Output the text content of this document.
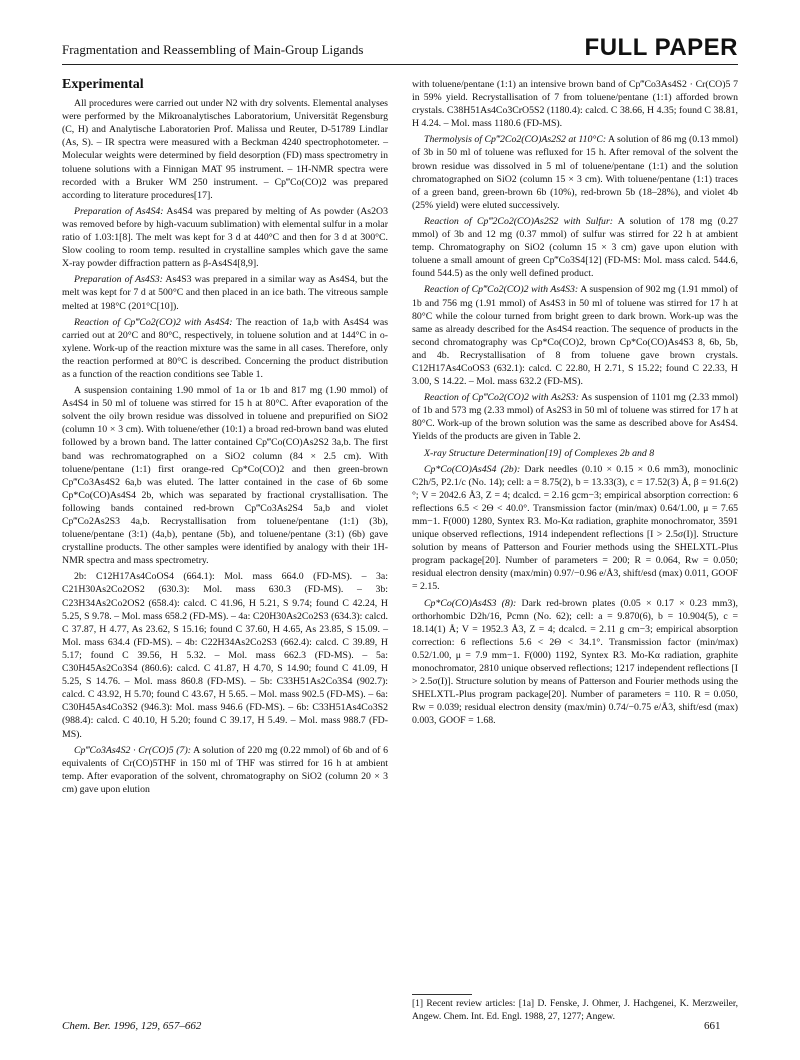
Fragmentation and Reassembling of Main-Group Ligands	FULL PAPER
Experimental

All procedures were carried out under N2 with dry solvents. Elemental analyses were performed by the Mikroanalytisches Laboratorium, Universität Regensburg (C, H) and Analytische Laboratorien Prof. Malissa und Reuter, D-51789 Lindlar (As, S). – IR spectra were measured with a Beckman 4240 spectrophotometer. – Molecular weights were determined by field desorption (FD) mass spectrometry in toluene solutions with a Finnigan MAT 95 instrument. – 1H-NMR spectra were recorded with a Bruker WM 250 instrument. – Cp‴Co(CO)2 was prepared according to literature procedures[17].

Preparation of As4S4: As4S4 was prepared by melting of As powder (As2O3 was removed before by high-vacuum sublimation) with elemental sulfur in a molar ratio of 1.03:1[8]. The melt was kept for 3 d at 440°C and then for 3 d at 300°C. Slow cooling to room temp. resulted in crystalline samples which gave the same X-ray powder diffraction pattern as β-As4S4[8,9].

Preparation of As4S3: As4S3 was prepared in a similar way as As4S4, but the melt was kept for 7 d at 500°C and then placed in an ice bath. The vitreous sample melted at 198°C (201°C[10]).

Reaction of Cp‴Co2(CO)2 with As4S4: The reaction of 1a,b with As4S4 was carried out at 20°C and 80°C, respectively, in toluene solution and at 144°C in o-xylene. Work-up of the reaction mixture was the same in all cases. Therefore, only the reaction performed at 80°C is described. Concerning the product distribution as a function of the reaction conditions see Table 1.

A suspension containing 1.90 mmol of 1a or 1b and 817 mg (1.90 mmol) of As4S4 in 50 ml of toluene was stirred for 15 h at 80°C. After evaporation of the solvent the oily brown residue was dissolved in toluene and prepurified on SiO2 (column 10 × 3 cm). With toluene/ether (10:1) a broad red-brown band was eluted followed by a brown band. The latter contained Cp‴Co(CO)As2S2 3a,b. The first band was rechromatographed on a SiO2 column (84 × 2.5 cm). With toluene/pentane (1:1) first orange-red Cp*Co(CO)2 and then green-brown Cp‴Co3As4S2 6a,b was eluted. The latter contained in the case of 6b some Cp*Co(CO)As4S4 2b, which was separated by fractional crystallisation. The following bands contained red-brown Cp‴Co3As2S4 5a,b and violet Cp‴Co2As2S3 4a,b. Recrystallisation from toluene/pentane (1:1) (3b), toluene/pentane (3:1) (4a,b), pentane (5b), and toluene/pentane (3:1) (6b) gave crystalline products. The other samples were identified by analogy with their 1H-NMR spectra and mass spectrometry.

2b: C12H17As4CoOS4 (664.1): Mol. mass 664.0 (FD-MS). – 3a: C21H30As2Co2OS2 (630.3): Mol. mass 630.3 (FD-MS). – 3b: C23H34As2Co2OS2 (658.4): calcd. C 41.96, H 5.21, S 9.74; found C 42.24, H 5.25, S 9.78. – Mol. mass 658.2 (FD-MS). – 4a: C20H30As2Co2S3 (634.3): calcd. C 37.87, H 4.77, As 23.62, S 15.16; found C 37.60, H 4.65, As 23.85, S 15.09. – Mol. mass 634.4 (FD-MS). – 4b: C22H34As2Co2S3 (662.4): calcd. C 39.89, H 5.17; found C 39.56, H 5.32. – Mol. mass 662.3 (FD-MS). – 5a: C30H45As2Co3S4 (860.6): calcd. C 41.87, H 4.70, S 14.90; found C 41.09, H 5.25, S 14.76. – Mol. mass 860.8 (FD-MS). – 5b: C33H51As2Co3S4 (902.7): calcd. C 43.92, H 5.70; found C 43.67, H 5.65. – Mol. mass 902.5 (FD-MS). – 6a: C30H45As4Co3S2 (946.3): Mol. mass 946.6 (FD-MS). – 6b: C33H51As4Co3S2 (988.4): calcd. C 40.10, H 5.20; found C 39.17, H 5.49. – Mol. mass 988.7 (FD-MS).

Cp‴Co3As4S2 · Cr(CO)5 (7): A solution of 220 mg (0.22 mmol) of 6b and of 6 equivalents of Cr(CO)5THF in 150 ml of THF was stirred for 16 h at ambient temp. After evaporation of the solvent, chromatography on SiO2 (column 20 × 3 cm) gave upon elution

with toluene/pentane (1:1) an intensive brown band of Cp‴Co3As4S2 · Cr(CO)5 7 in 59% yield. Recrystallisation of 7 from toluene/pentane (1:1) afforded brown crystals. C38H51As4Co3CrO5S2 (1180.4): calcd. C 38.66, H 4.35; found C 38.81, H 4.24. – Mol. mass 1180.6 (FD-MS).

Thermolysis of Cp‴2Co2(CO)As2S2 at 110°C: A solution of 86 mg (0.13 mmol) of 3b in 50 ml of toluene was refluxed for 15 h. After removal of the solvent the brown residue was dissolved in 5 ml of toluene/pentane (1:1) and the solution chromatographed on SiO2 (column 15 × 3 cm). With toluene/pentane (1:1) traces of a green band, green-brown 6b (10%), red-brown 5b (18–28%), and violet 4b (25% yield) were eluted successively.

Reaction of Cp‴2Co2(CO)As2S2 with Sulfur: A solution of 178 mg (0.27 mmol) of 3b and 12 mg (0.37 mmol) of sulfur was stirred for 22 h at ambient temp. Chromatography on SiO2 (column 15 × 3 cm) gave upon elution with toluene a small amount of green Cp‴Co3S4[12] (FD-MS: Mol. mass calcd. 544.6, found 544.5) as the only well defined product.

Reaction of Cp‴Co2(CO)2 with As4S3: A suspension of 902 mg (1.91 mmol) of 1b and 756 mg (1.91 mmol) of As4S3 in 50 ml of toluene was stirred for 17 h at 80°C while the colour turned from bright green to dark brown. Work-up was the same as already described for the As4S4 reaction. The sequence of products in the second chromatography was Cp*Co(CO)2, brown Cp*Co(CO)As4S3 8, 6b, 5b, and 4b. Recrystallisation of 8 from toluene gave brown crystals. C12H17As4CoOS3 (632.1): calcd. C 22.80, H 2.71, S 15.22; found C 22.33, H 3.00, S 14.22. – Mol. mass 632.2 (FD-MS).

Reaction of Cp‴Co2(CO)2 with As2S3: As suspension of 1101 mg (2.33 mmol) of 1b and 573 mg (2.33 mmol) of As2S3 in 50 ml of toluene was stirred for 17 h at 80°C. Work-up of the brown solution was the same as described above for As4S4. Yields of the products are given in Table 2.

X-ray Structure Determination[19] of Complexes 2b and 8

Cp*Co(CO)As4S4 (2b): Dark needles (0.10 × 0.15 × 0.6 mm3), monoclinic C2h/5, P2.1/c (No. 14); cell: a = 8.75(2), b = 13.33(3), c = 17.52(3) Å, β = 91.6(2)°; V = 2042.6 Å3, Z = 4; dcalcd. = 2.16 gcm−3; empirical absorption correction: 6 reflections 6.5 < 2Θ < 40.0°. Transmission factor (min/max) 0.64/1.00, μ = 7.65 mm−1. F(000) 1280, Syntex R3. Mo-Kα radiation, graphite monochromator, 3591 unique observed reflections, 1914 independent reflections [I > 2.5σ(I)]. Structure solution by means of Patterson and Fourier methods using the SHELXTL-Plus program package[20]. Number of parameters = 200; R = 0.064, Rw = 0.050; residual electron density (max/min) 0.97/−0.96 e/Å3, shift/esd (max) 0.011, GOOF = 2.15.

Cp*Co(CO)As4S3 (8): Dark red-brown plates (0.05 × 0.17 × 0.23 mm3), orthorhombic D2h/16, Pcmn (No. 62); cell: a = 9.870(6), b = 10.904(5), c = 18.14(1) Å; V = 1952.3 Å3, Z = 4; dcalcd. = 2.11 g cm−3; empirical absorption correction: 6 reflections 5.6 < 2Θ < 34.1°. Transmission factor (min/max) 0.52/1.00, μ = 7.9 mm−1. F(000) 1192, Syntex R3. Mo-Kα radiation, graphite monochromator, 2810 unique observed reflections; 1217 independent reflections [I > 2.5σ(I)]. Structure solution by means of Patterson and Fourier methods using the SHELXTL-Plus program package[20]. Number of parameters = 110. R = 0.050, Rw = 0.039; residual electron density (max/min) 0.74/−0.75 e/Å3, shift/esd (max) 0.003, GOOF = 1.68.

[1] Recent review articles: [1a] D. Fenske, J. Ohmer, J. Hachgenei, K. Merzweiler, Angew. Chem. Int. Ed. Engl. 1988, 27, 1277; Angew.
Chem. Ber. 1996, 129, 657–662	661
